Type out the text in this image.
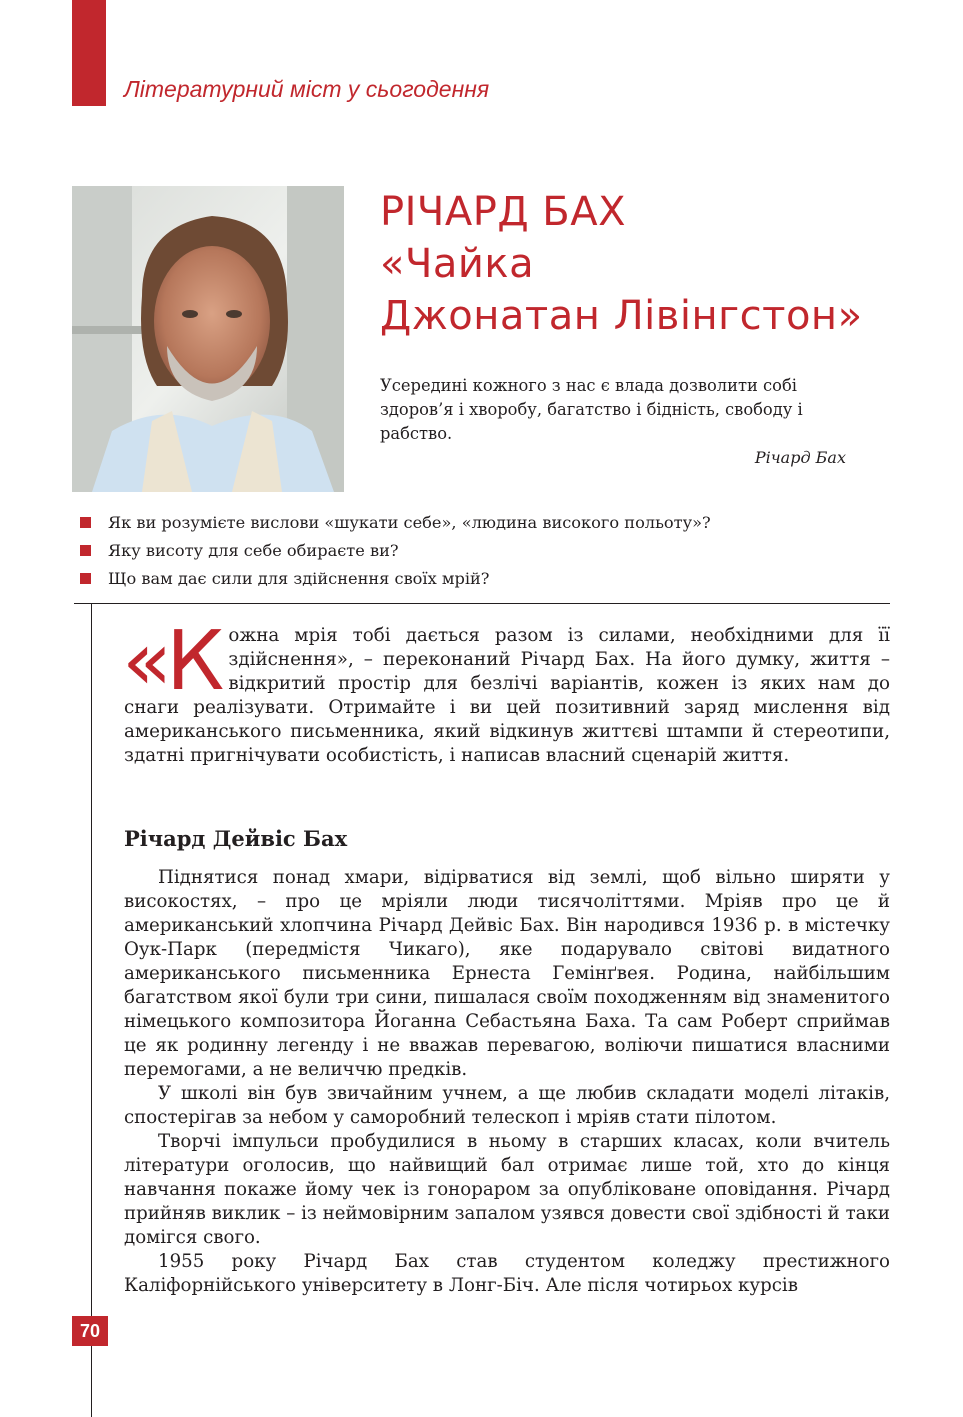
Літературний міст у сьогодення
РІЧАРД БАХ
«Чайка
Джонатан Лівінгстон»
Усередині кожного з нас є влада дозволити собі здоров’я і хворобу, багатство і бідність, свободу і рабство.
Річард Бах
Як ви розумієте вислови «шукати себе», «людина високого польоту»?
Яку висоту для себе обираєте ви?
Що вам дає сили для здійснення своїх мрій?
«Кожна мрія тобі дається разом із силами, необхідними для її здійснення», – переконаний Річард Бах. На його думку, життя – відкритий простір для безлічі варіантів, кожен із яких нам до снаги реалізувати. Отримайте і ви цей позитивний заряд мислення від американського письменника, який відкинув життєві штампи й стереотипи, здатні пригнічувати особистість, і написав власний сценарій життя.
Річард Дейвіс Бах

Піднятися понад хмари, відірватися від землі, щоб вільно ширяти у високостях, – про це мріяли люди тисячоліттями. Мріяв про це й американський хлопчина Річард Дейвіс Бах. Він народився 1936 р. в містечку Оук-Парк (передмістя Чикаго), яке подарувало світові видатного американського письменника Ернеста Гемінґвея. Родина, найбільшим багатством якої були три сини, пишалася своїм походженням від знаменитого німецького композитора Йоганна Себастьяна Баха. Та сам Роберт сприймав це як родинну легенду і не вважав перевагою, воліючи пишатися власними перемогами, а не величчю предків.

У школі він був звичайним учнем, а ще любив складати моделі літаків, спостерігав за небом у саморобний телескоп і мріяв стати пілотом.

Творчі імпульси пробудилися в ньому в старших класах, коли вчитель літератури оголосив, що найвищий бал отримає лише той, хто до кінця навчання покаже йому чек із гонораром за опубліковане оповідання. Річард прийняв виклик – із неймовірним запалом узявся довести свої здібності й таки домігся свого.

1955 року Річард Бах став студентом коледжу престижного Каліфорнійського університету в Лонг-Біч. Але після чотирьох курсів

70
